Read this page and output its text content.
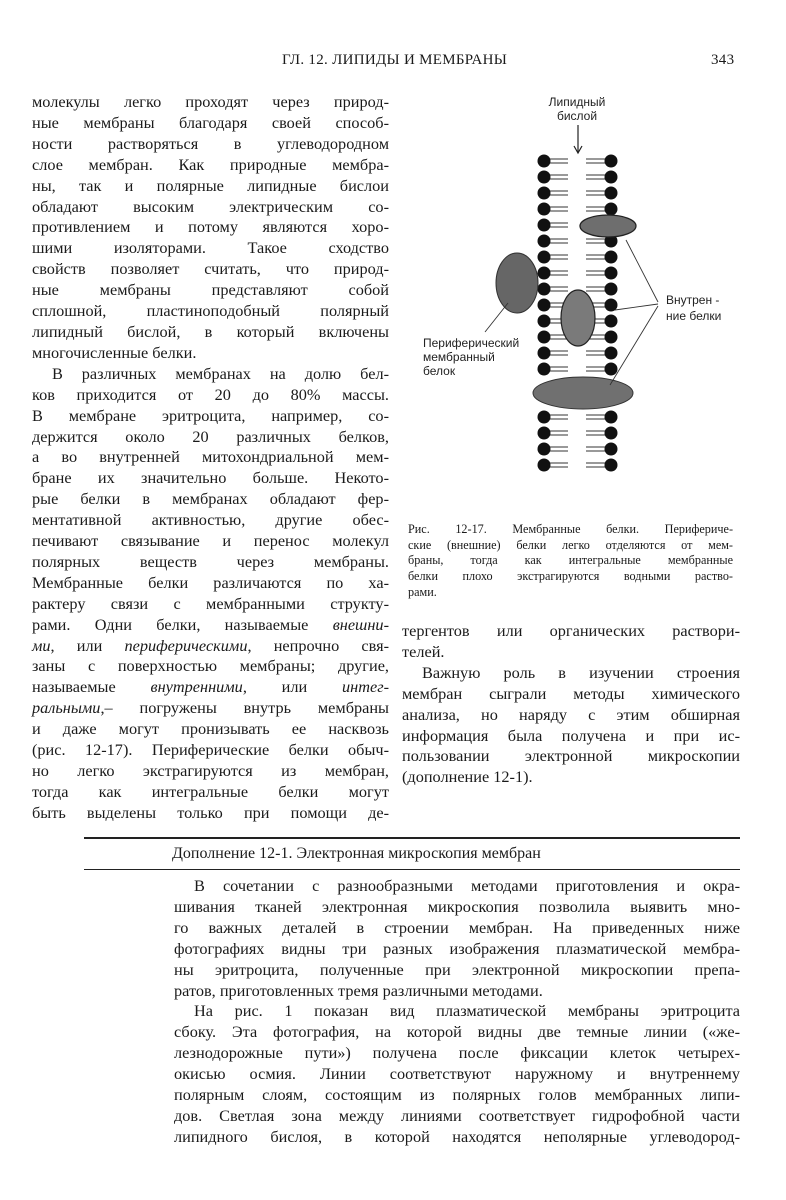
ГЛ. 12. ЛИПИДЫ И МЕМБРАНЫ	343
молекулы легко проходят через природ-
ные мембраны благодаря своей способ-
ности растворяться в углеводородном
слое мембран. Как природные мембра-
ны, так и полярные липидные бислои
обладают высоким электрическим со-
противлением и потому являются хоро-
шими изоляторами. Такое сходство
свойств позволяет считать, что природ-
ные мембраны представляют собой
сплошной, пластиноподобный полярный
липидный бислой, в который включены
многочисленные белки.
В различных мембранах на долю бел-
ков приходится от 20 до 80% массы.
В мембране эритроцита, например, со-
держится около 20 различных белков,
а во внутренней митохондриальной мем-
бране их значительно больше. Некото-
рые белки в мембранах обладают фер-
ментативной активностью, другие обес-
печивают связывание и перенос молекул
полярных веществ через мембраны.
Мембранные белки различаются по ха-
рактеру связи с мембранными структу-
рами. Одни белки, называемые внешни-
ми, или периферическими, непрочно свя-
заны с поверхностью мембраны; другие,
называемые внутренними, или интег-
ральными,– погружены внутрь мембраны
и даже могут пронизывать ее насквозь
(рис. 12-17). Периферические белки обыч-
но легко экстрагируются из мембран,
тогда как интегральные белки могут
быть выделены только при помощи де-
тергентов или органических раствори-
телей.
Важную роль в изучении строения
мембран сыграли методы химического
анализа, но наряду с этим обширная
информация была получена и при ис-
пользовании электронной микроскопии
(дополнение 12-1).
Липидный
бислой
Внутрен -
ние белки
Периферический
мембранный
белок
Рис. 12-17. Мембранные белки. Периферичe-
ские (внешние) белки легко отделяются от мем-
браны, тогда как интегральные мембранные
белки плохо экстрагируются водными раство-
рами.
Дополнение 12-1. Электронная микроскопия мембран
В сочетании с разнообразными методами приготовления и окра-
шивания тканей электронная микроскопия позволила выявить мно-
го важных деталей в строении мембран. На приведенных ниже
фотографиях видны три разных изображения плазматической мембра-
ны эритроцита, полученные при электронной микроскопии препа-
ратов, приготовленных тремя различными методами.
На рис. 1 показан вид плазматической мембраны эритроцита
сбоку. Эта фотография, на которой видны две темные линии («же-
лезнодорожные пути») получена после фиксации клеток четырех-
окисью осмия. Линии соответствуют наружному и внутреннему
полярным слоям, состоящим из полярных голов мембранных липи-
дов. Светлая зона между линиями соответствует гидрофобной части
липидного бислоя, в которой находятся неполярные углеводород-
